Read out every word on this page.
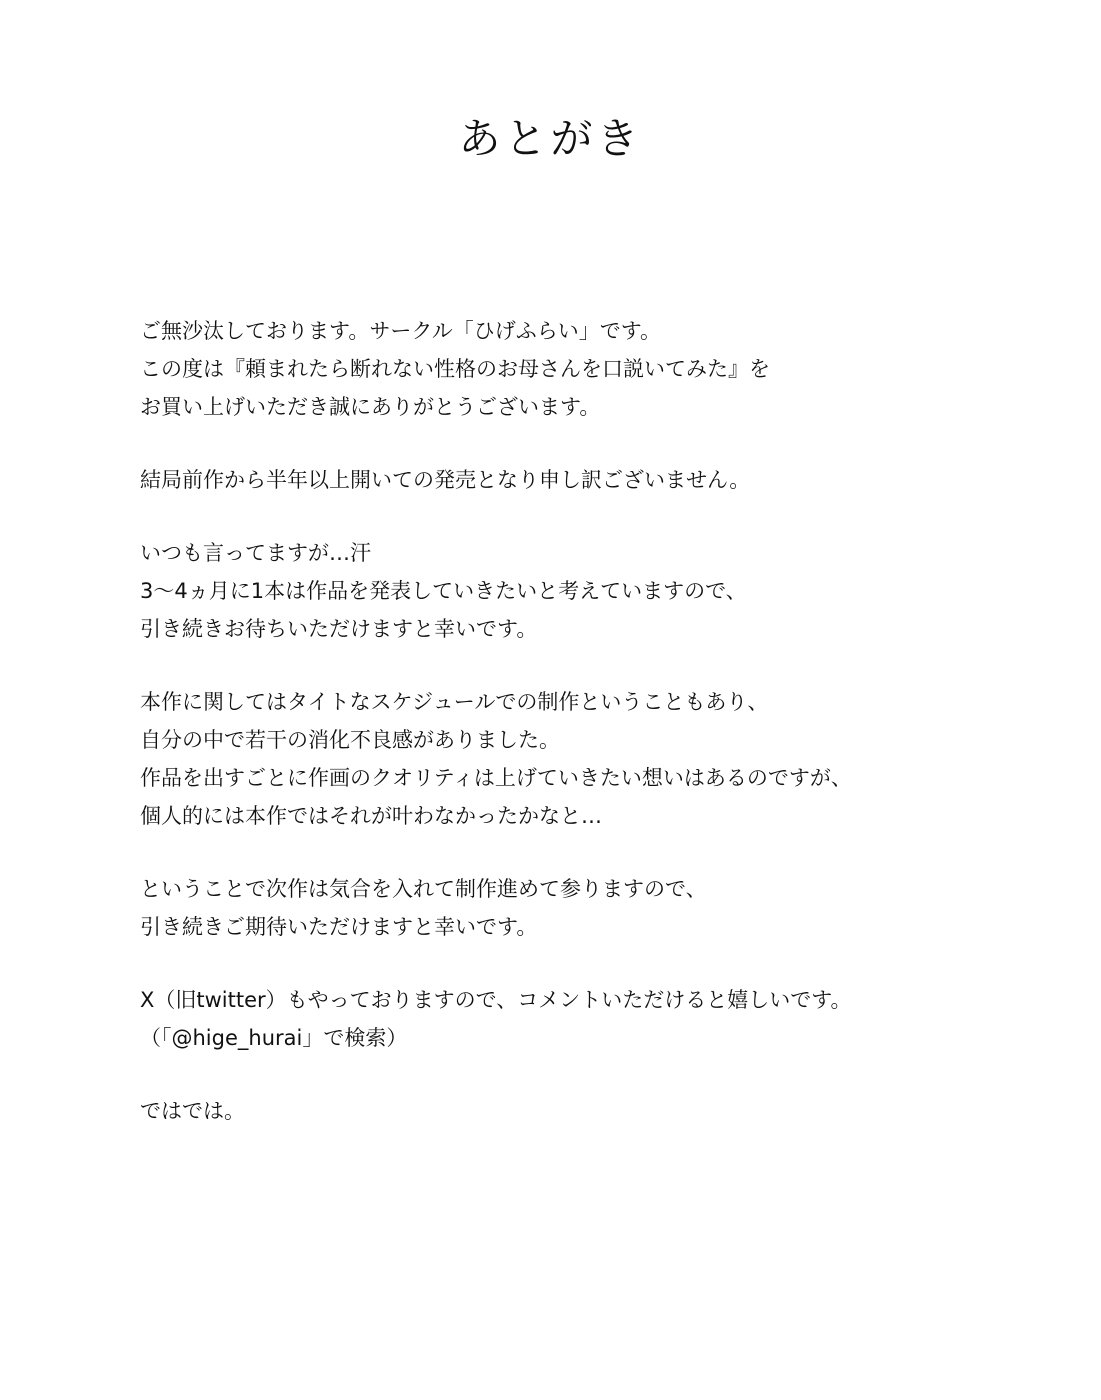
あとがき
ご無沙汰しております。サークル「ひげふらい」です。
この度は『頼まれたら断れない性格のお母さんを口説いてみた』を
お買い上げいただき誠にありがとうございます。
結局前作から半年以上開いての発売となり申し訳ございません。
いつも言ってますが…汗
3〜4ヵ月に1本は作品を発表していきたいと考えていますので、
引き続きお待ちいただけますと幸いです。
本作に関してはタイトなスケジュールでの制作ということもあり、
自分の中で若干の消化不良感がありました。
作品を出すごとに作画のクオリティは上げていきたい想いはあるのですが、
個人的には本作ではそれが叶わなかったかなと…
ということで次作は気合を入れて制作進めて参りますので、
引き続きご期待いただけますと幸いです。
X（旧twitter）もやっておりますので、コメントいただけると嬉しいです。
（「@hige_hurai」で検索）
ではでは。
